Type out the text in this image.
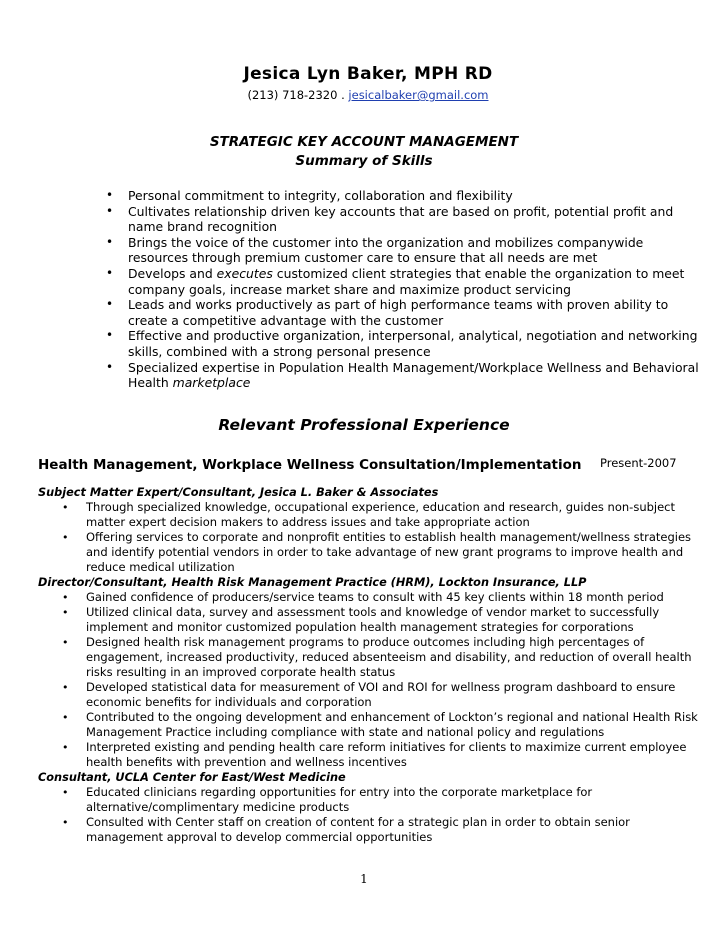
Jesica Lyn Baker, MPH RD
(213) 718-2320 . jesicalbaker@gmail.com
STRATEGIC KEY ACCOUNT MANAGEMENT
Summary of Skills
• Personal commitment to integrity, collaboration and flexibility
• Cultivates relationship driven key accounts that are based on profit, potential profit and name brand recognition
• Brings the voice of the customer into the organization and mobilizes companywide resources through premium customer care to ensure that all needs are met
• Develops and executes customized client strategies that enable the organization to meet company goals, increase market share and maximize product servicing
• Leads and works productively as part of high performance teams with proven ability to create a competitive advantage with the customer
• Effective and productive organization, interpersonal, analytical, negotiation and networking skills, combined with a strong personal presence
• Specialized expertise in Population Health Management/Workplace Wellness and Behavioral Health marketplace
Relevant Professional Experience
Health Management, Workplace Wellness Consultation/Implementation Present-2007
Subject Matter Expert/Consultant, Jesica L. Baker & Associates
• Through specialized knowledge, occupational experience, education and research, guides non-subject matter expert decision makers to address issues and take appropriate action
• Offering services to corporate and nonprofit entities to establish health management/wellness strategies and identify potential vendors in order to take advantage of new grant programs to improve health and reduce medical utilization
Director/Consultant, Health Risk Management Practice (HRM), Lockton Insurance, LLP
• Gained confidence of producers/service teams to consult with 45 key clients within 18 month period
• Utilized clinical data, survey and assessment tools and knowledge of vendor market to successfully implement and monitor customized population health management strategies for corporations
• Designed health risk management programs to produce outcomes including high percentages of engagement, increased productivity, reduced absenteeism and disability, and reduction of overall health risks resulting in an improved corporate health status
• Developed statistical data for measurement of VOI and ROI for wellness program dashboard to ensure economic benefits for individuals and corporation
• Contributed to the ongoing development and enhancement of Lockton’s regional and national Health Risk Management Practice including compliance with state and national policy and regulations
• Interpreted existing and pending health care reform initiatives for clients to maximize current employee health benefits with prevention and wellness incentives
Consultant, UCLA Center for East/West Medicine
• Educated clinicians regarding opportunities for entry into the corporate marketplace for alternative/complimentary medicine products
• Consulted with Center staff on creation of content for a strategic plan in order to obtain senior management approval to develop commercial opportunities
1
